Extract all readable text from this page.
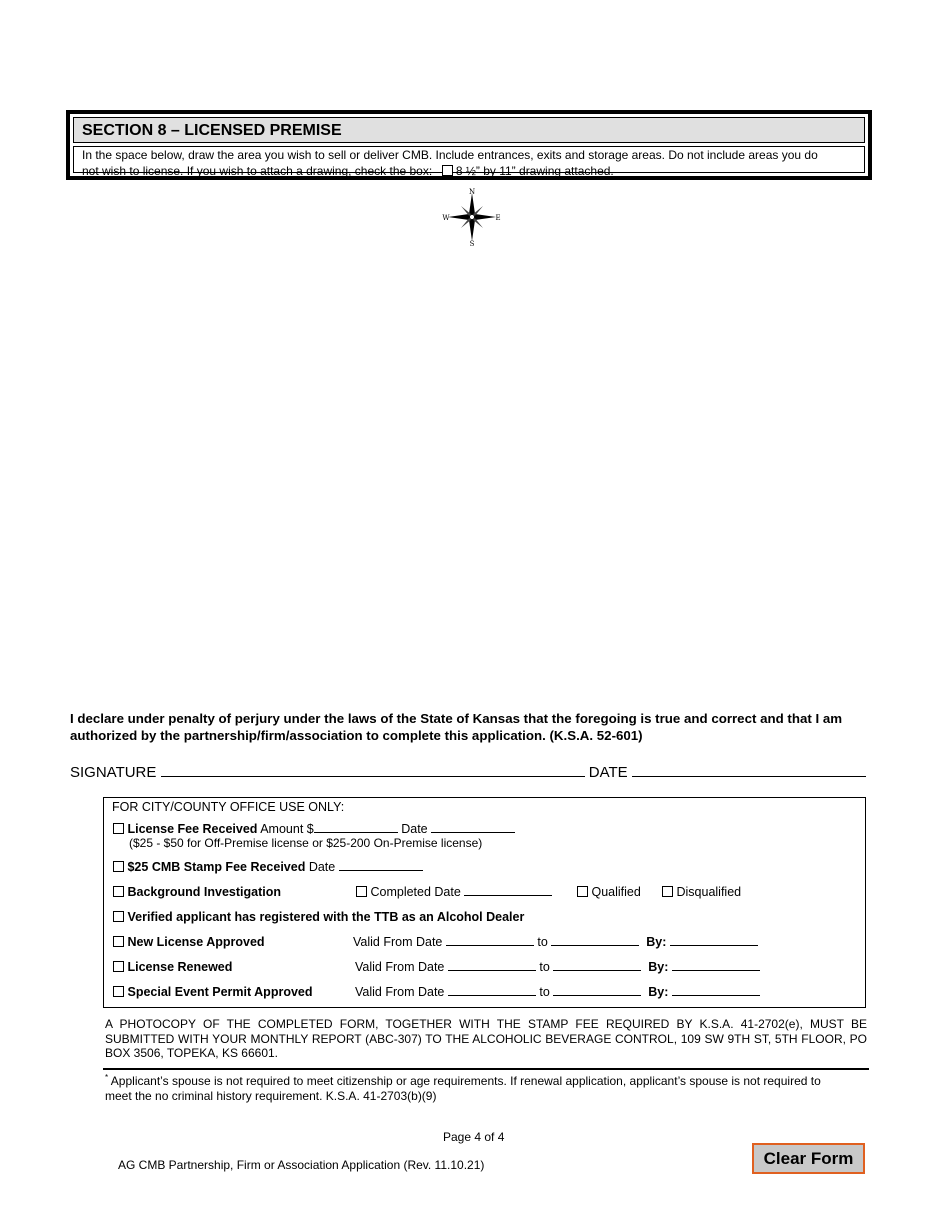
SECTION 8 – LICENSED PREMISE
In the space below, draw the area you wish to sell or deliver CMB. Include entrances, exits and storage areas. Do not include areas you do
not wish to license. If you wish to attach a drawing, check the box: 8 ½” by 11” drawing attached.
N
S
E
W
I declare under penalty of perjury under the laws of the State of Kansas that the foregoing is true and correct and that I am authorized by the partnership/firm/association to complete this application. (K.S.A. 52-601)
SIGNATURE	DATE
FOR CITY/COUNTY OFFICE USE ONLY:
License Fee Received Amount $	Date
($25 - $50 for Off-Premise license or $25-200 On-Premise license)
$25 CMB Stamp Fee Received Date
Background Investigation	Completed Date	Qualified	Disqualified
Verified applicant has registered with the TTB as an Alcohol Dealer
New License Approved	Valid From Date	to	By:
License Renewed	Valid From Date	to	By:
Special Event Permit Approved	Valid From Date	to	By:
A PHOTOCOPY OF THE COMPLETED FORM, TOGETHER WITH THE STAMP FEE REQUIRED BY K.S.A. 41-2702(e), MUST BE SUBMITTED WITH YOUR MONTHLY REPORT (ABC-307) TO THE ALCOHOLIC BEVERAGE CONTROL, 109 SW 9TH ST, 5TH FLOOR, PO BOX 3506, TOPEKA, KS 66601.
* Applicant’s spouse is not required to meet citizenship or age requirements. If renewal application, applicant’s spouse is not required to meet the no criminal history requirement. K.S.A. 41-2703(b)(9)
Page 4 of 4
AG CMB Partnership, Firm or Association Application (Rev. 11.10.21)	Clear Form
